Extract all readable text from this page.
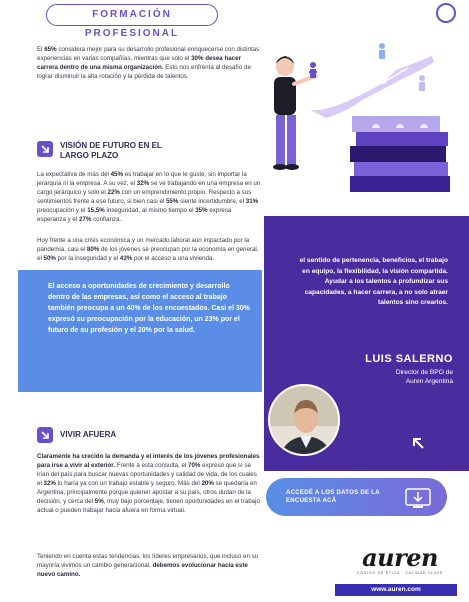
FORMACIÓN PROFESIONAL

El 65% considera mejor para su desarrollo profesional enriquecerse con distintas experiencias en varias compañías, mientras que solo el 30% desea hacer carrera dentro de una misma organización. Esto nos enfrenta al desafío de lograr disminuir la alta rotación y la pérdida de talentos.

VISIÓN DE FUTURO EN EL LARGO PLAZO

La expectativa de más del 45% es trabajar en lo que le guste, sin importar la jerarquía ni la empresa. A su vez, el 32% se ve trabajando en una empresa en un cargo jerárquico y solo el 22% con un emprendimiento propio. Respecto a sus sentimientos frente a ese futuro, si bien casi el 55% siente incertidumbre, el 31% preocupación y el 15,5% inseguridad, al mismo tiempo el 35% expresa esperanza y el 27% confianza.

Hoy frente a una crisis económica y un mercado laboral aún impactado por la pandemia, casi el 80% de los jóvenes se preocupan por la economía en general, el 50% por la inseguridad y el 43% por el acceso a una vivienda.

El acceso a oportunidades de crecimiento y desarrollo dentro de las empresas, así como el acceso al trabajo también preocupa a un 40% de los encuestados. Casi el 30% expresó su preocupación por la educación, un 23% por el futuro de su profesión y el 20% por la salud.

VIVIR AFUERA

Claramente ha crecido la demanda y el interés de los jóvenes profesionales para irse a vivir al exterior. Frente a esta consulta, el 70% expresó que sí se irían del país para buscar nuevas oportunidades y calidad de vida, de los cuales el 32% lo haría ya con un trabajo estable y seguro. Más del 20% se quedaría en Argentina, principalmente porque quieren apostar a su país, otros dudan de la decisión, y cerca del 5%, muy bajo porcentaje, tienen oportunidades en el trabajo actual o pueden trabajar hacia afuera en forma virtual.

Teniendo en cuenta estas tendencias, los líderes empresarios, que incluso en su mayoría vivimos un cambio generacional, debemos evolucionar hacia este nuevo camino.

“”

el sentido de pertenencia, beneficios, el trabajo en equipo, la flexibilidad, la visión compartida. Ayudar a los talentos a profundizar sus capacidades, a hacer carrera, a no solo atraer talentos sino crearlos.

LUIS SALERNO
Director de BPO de
Auren Argentina
ACCEDÉ A LOS DATOS DE LA ENCUESTA ACÁ
auren
CÓDIGO DE ÉTICA · CALIDAD CLAVE
www.auren.com
